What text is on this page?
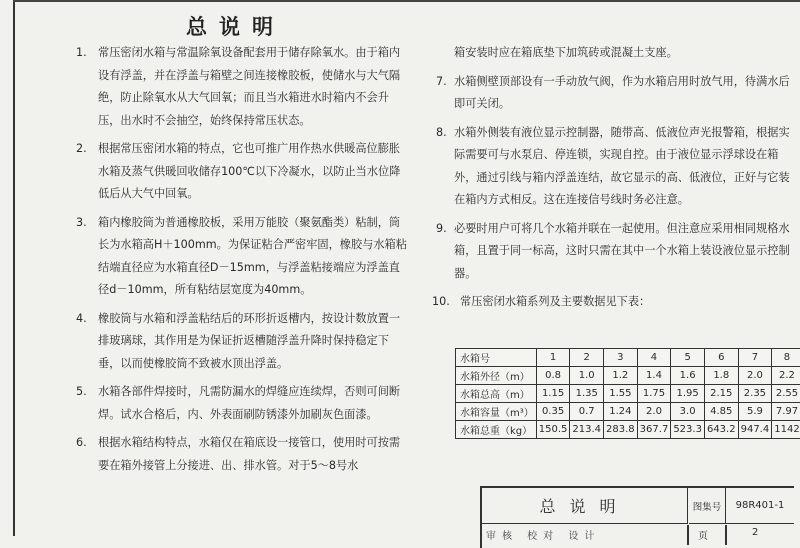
总说明
1. 常压密闭水箱与常温除氧设备配套用于储存除氧水。由于箱内设有浮盖，并在浮盖与箱壁之间连接橡胶板，使储水与大气隔绝，防止除氧水从大气回氧；而且当水箱进水时箱内不会升压，出水时不会抽空，始终保持常压状态。
2. 根据常压密闭水箱的特点，它也可推广用作热水供暖高位膨胀水箱及蒸气供暖回收储存100℃以下冷凝水，以防止当水位降低后从大气中回氧。
3. 箱内橡胶筒为普通橡胶板，采用万能胶（聚氨酯类）粘制，筒长为水箱高H＋100mm。为保证粘合严密牢固，橡胶与水箱粘结端直径应为水箱直径D－15mm，与浮盖粘接端应为浮盖直径d－10mm，所有粘结层宽度为40mm。
4. 橡胶筒与水箱和浮盖粘结后的环形折返槽内，按设计数放置一排玻璃球，其作用是为保证折返槽随浮盖升降时保持稳定下垂，以而使橡胶筒不致被水顶出浮盖。
5. 水箱各部件焊接时，凡需防漏水的焊缝应连续焊，否则可间断焊。试水合格后，内、外表面刷防锈漆外加刷灰色面漆。
6. 根据水箱结构特点，水箱仅在箱底设一接管口，使用时可按需要在箱外接管上分接进、出、排水管。对于5～8号水
箱安装时应在箱底垫下加筑砖或混凝土支座。
7. 水箱侧壁顶部设有一手动放气阀，作为水箱启用时放气用，待满水后即可关闭。
8. 水箱外侧装有液位显示控制器，随带高、低液位声光报警箱，根据实际需要可与水泵启、停连锁，实现自控。由于液位显示浮球设在箱外，通过引线与箱内浮盖连结，故它显示的高、低液位，正好与它装在箱内方式相反。这在连接信号线时务必注意。
9. 必要时用户可将几个水箱并联在一起使用。但注意应采用相同规格水箱，且置于同一标高，这时只需在其中一个水箱上装设液位显示控制器。
10. 常压密闭水箱系列及主要数据见下表：
水箱号	1	2	3	4	5	6	7	8
水箱外径（m）	0.8	1.0	1.2	1.4	1.6	1.8	2.0	2.2
水箱总高（m）	1.15	1.35	1.55	1.75	1.95	2.15	2.35	2.55
水箱容量（m³）	0.35	0.7	1.24	2.0	3.0	4.85	5.9	7.97
水箱总重（kg）	150.5	213.4	283.8	367.7	523.3	643.2	947.4	1142
总说明	图集号	98R401-1
审核 校对 设计	页	2
